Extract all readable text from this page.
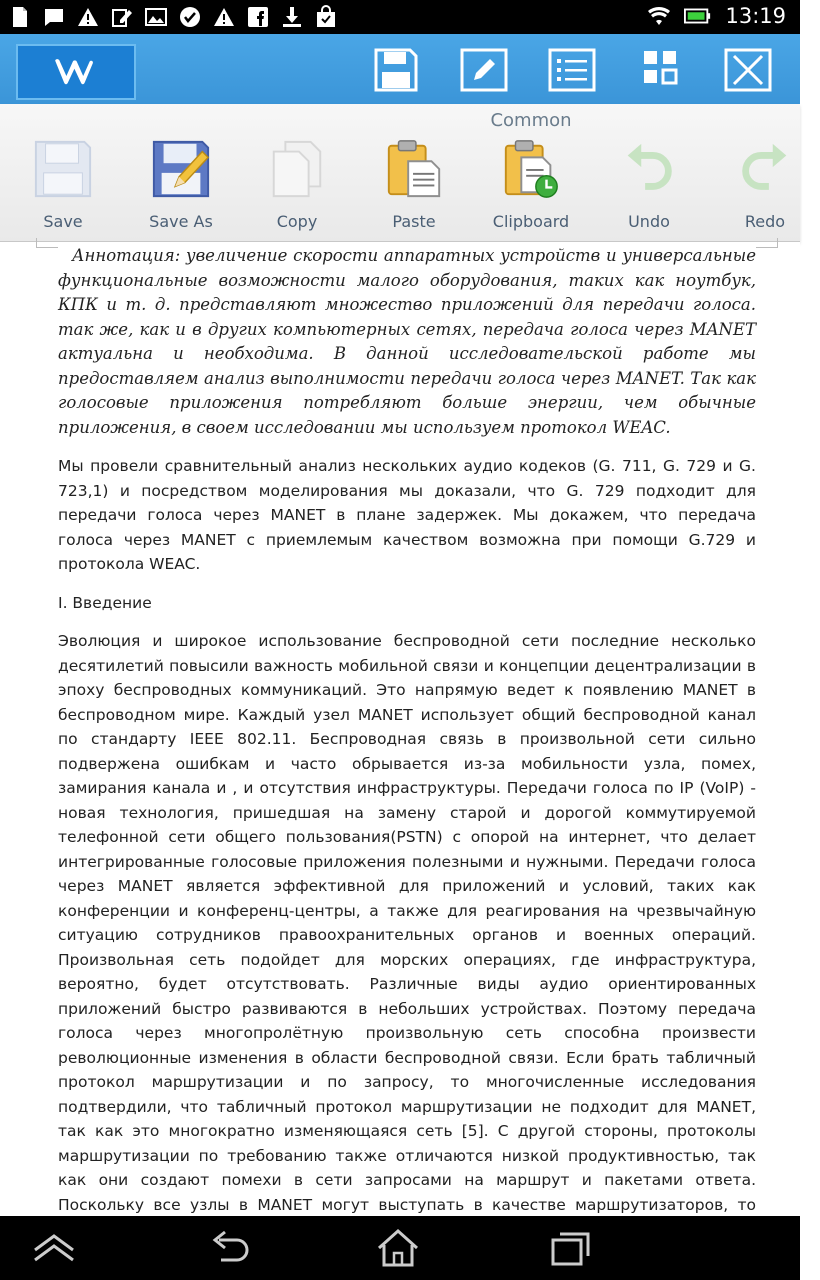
13:19
Common
Save	Save As	Copy	Paste	Clipboard	Undo	Redo

Аннотация: увеличение скорости аппаратных устройств и универсальные функциональные возможности малого оборудования, таких как ноутбук, КПК и т. д. представляют множество приложений для передачи голоса. так же, как и в других компьютерных сетях, передача голоса через MANET актуальна и необходима. В данной исследовательской работе мы предоставляем анализ выполнимости передачи голоса через MANET. Так как голосовые приложения потребляют больше энергии, чем обычные приложения, в своем исследовании мы используем протокол WEAC.

Мы провели сравнительный анализ нескольких аудио кодеков (G. 711, G. 729 и G. 723,1) и посредством моделирования мы доказали, что G. 729 подходит для передачи голоса через MANET в плане задержек. Мы докажем, что передача голоса через MANET с приемлемым качеством возможна при помощи G.729 и протокола WEAC.

I. Введение

Эволюция и широкое использование беспроводной сети последние несколько десятилетий повысили важность мобильной связи и концепции децентрализации в эпоху беспроводных коммуникаций. Это напрямую ведет к появлению MANET в беспроводном мире. Каждый узел MANET использует общий беспроводной канал по стандарту IEEE 802.11. Беспроводная связь в произвольной сети сильно подвержена ошибкам и часто обрывается из-за мобильности узла, помех, замирания канала и , и отсутствия инфраструктуры. Передачи голоса по IP (VoIP) - новая технология, пришедшая на замену старой и дорогой коммутируемой телефонной сети общего пользования(PSTN) с опорой на интернет, что делает интегрированные голосовые приложения полезными и нужными. Передачи голоса через MANET является эффективной для приложений и условий, таких как конференции и конференц-центры, а также для реагирования на чрезвычайную ситуацию сотрудников правоохранительных органов и военных операций. Произвольная сеть подойдет для морских операциях, где инфраструктура, вероятно, будет отсутствовать. Различные виды аудио ориентированных приложений быстро развиваются в небольших устройствах. Поэтому передача голоса через многопролётную произвольную сеть способна произвести революционные изменения в области беспроводной связи. Если брать табличный протокол маршрутизации и по запросу, то многочисленные исследования подтвердили, что табличный протокол маршрутизации не подходит для MANET, так как это многократно изменяющаяся сеть [5]. С другой стороны, протоколы маршрутизации по требованию также отличаются низкой продуктивностью, так как они создают помехи в сети запросами на маршрут и пакетами ответа. Поскольку все узлы в MANET могут выступать в качестве маршрутизаторов, то
